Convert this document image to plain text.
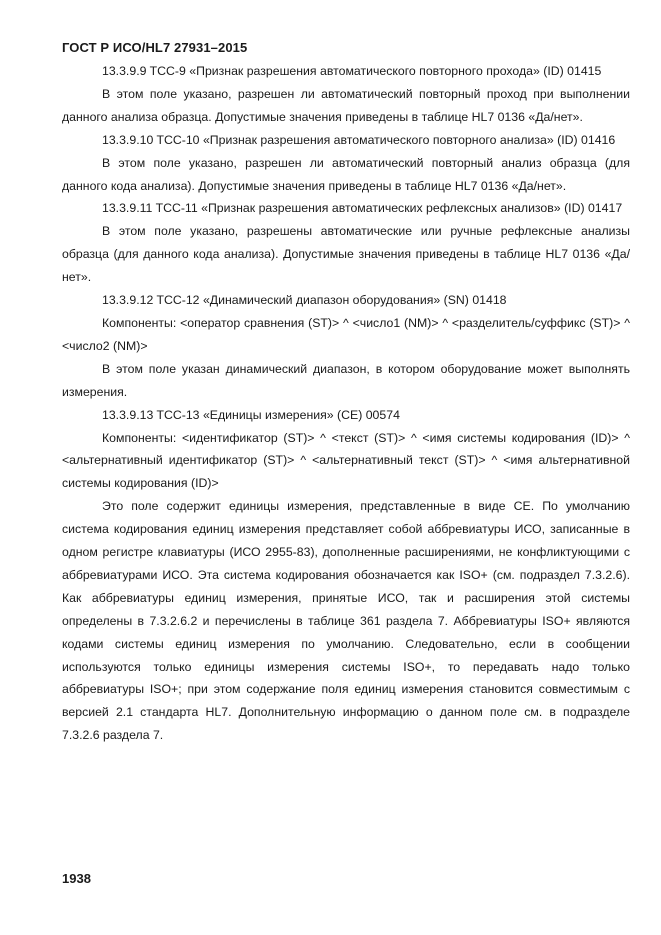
ГОСТ Р ИСО/HL7 27931–2015

13.3.9.9 TCC-9 «Признак разрешения автоматического повторного прохода» (ID) 01415

В этом поле указано, разрешен ли автоматический повторный проход при выполнении данного анализа образца. Допустимые значения приведены в таблице HL7 0136 «Да/нет».

13.3.9.10 TCC-10 «Признак разрешения автоматического повторного анализа» (ID) 01416

В этом поле указано, разрешен ли автоматический повторный анализ образца (для данного кода анализа). Допустимые значения приведены в таблице HL7 0136 «Да/нет».

13.3.9.11 TCC-11 «Признак разрешения автоматических рефлексных анализов» (ID) 01417

В этом поле указано, разрешены автоматические или ручные рефлексные анализы образца (для данного кода анализа). Допустимые значения приведены в таблице HL7 0136 «Да/нет».

13.3.9.12 TCC-12 «Динамический диапазон оборудования» (SN) 01418

Компоненты: <оператор сравнения (ST)> ^ <число1 (NM)> ^ <разделитель/суффикс (ST)> ^ <число2 (NM)>

В этом поле указан динамический диапазон, в котором оборудование может выполнять измерения.

13.3.9.13 TCC-13 «Единицы измерения» (CE) 00574

Компоненты: <идентификатор (ST)> ^ <текст (ST)> ^ <имя системы кодирования (ID)> ^ <альтернативный идентификатор (ST)> ^ <альтернативный текст (ST)> ^ <имя альтернативной системы кодирования (ID)>

Это поле содержит единицы измерения, представленные в виде CE. По умолчанию система кодирования единиц измерения представляет собой аббревиатуры ИСО, записанные в одном регистре клавиатуры (ИСО 2955-83), дополненные расширениями, не конфликтующими с аббревиатурами ИСО. Эта система кодирования обозначается как ISO+ (см. подраздел 7.3.2.6). Как аббревиатуры единиц измерения, принятые ИСО, так и расширения этой системы определены в 7.3.2.6.2 и перечислены в таблице 361 раздела 7. Аббревиатуры ISO+ являются кодами системы единиц измерения по умолчанию. Следовательно, если в сообщении используются только единицы измерения системы ISO+, то передавать надо только аббревиатуры ISO+; при этом содержание поля единиц измерения становится совместимым с версией 2.1 стандарта HL7. Дополнительную информацию о данном поле см. в подразделе 7.3.2.6 раздела 7.

1938
